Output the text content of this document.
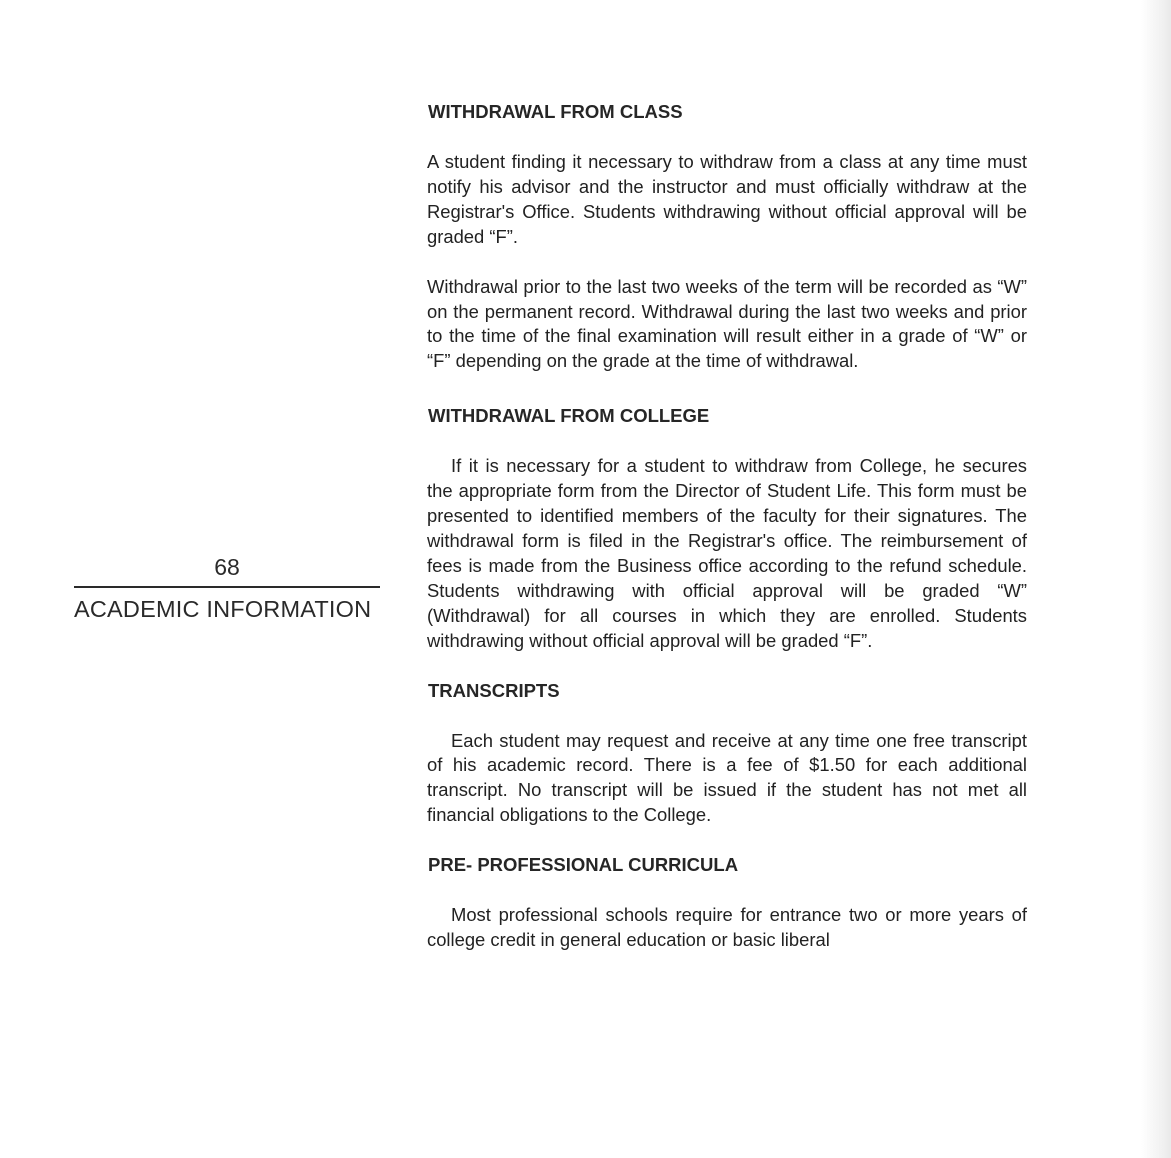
68
ACADEMIC INFORMATION
WITHDRAWAL FROM CLASS

A student finding it necessary to withdraw from a class at any time must notify his advisor and the instructor and must officially withdraw at the Registrar's Office. Students withdrawing without official approval will be graded “F”.

Withdrawal prior to the last two weeks of the term will be recorded as “W” on the permanent record. Withdrawal during the last two weeks and prior to the time of the final examination will result either in a grade of “W” or “F” depending on the grade at the time of withdrawal.

WITHDRAWAL FROM COLLEGE

If it is necessary for a student to withdraw from College, he secures the appropriate form from the Director of Student Life. This form must be presented to identified members of the faculty for their signatures. The withdrawal form is filed in the Registrar's office. The reimbursement of fees is made from the Business office according to the refund schedule. Students withdrawing with official approval will be graded “W” (Withdrawal) for all courses in which they are enrolled. Students withdrawing without official approval will be graded “F”.

TRANSCRIPTS

Each student may request and receive at any time one free transcript of his academic record. There is a fee of $1.50 for each additional transcript. No transcript will be issued if the student has not met all financial obligations to the College.

PRE- PROFESSIONAL CURRICULA

Most professional schools require for entrance two or more years of college credit in general education or basic liberal
